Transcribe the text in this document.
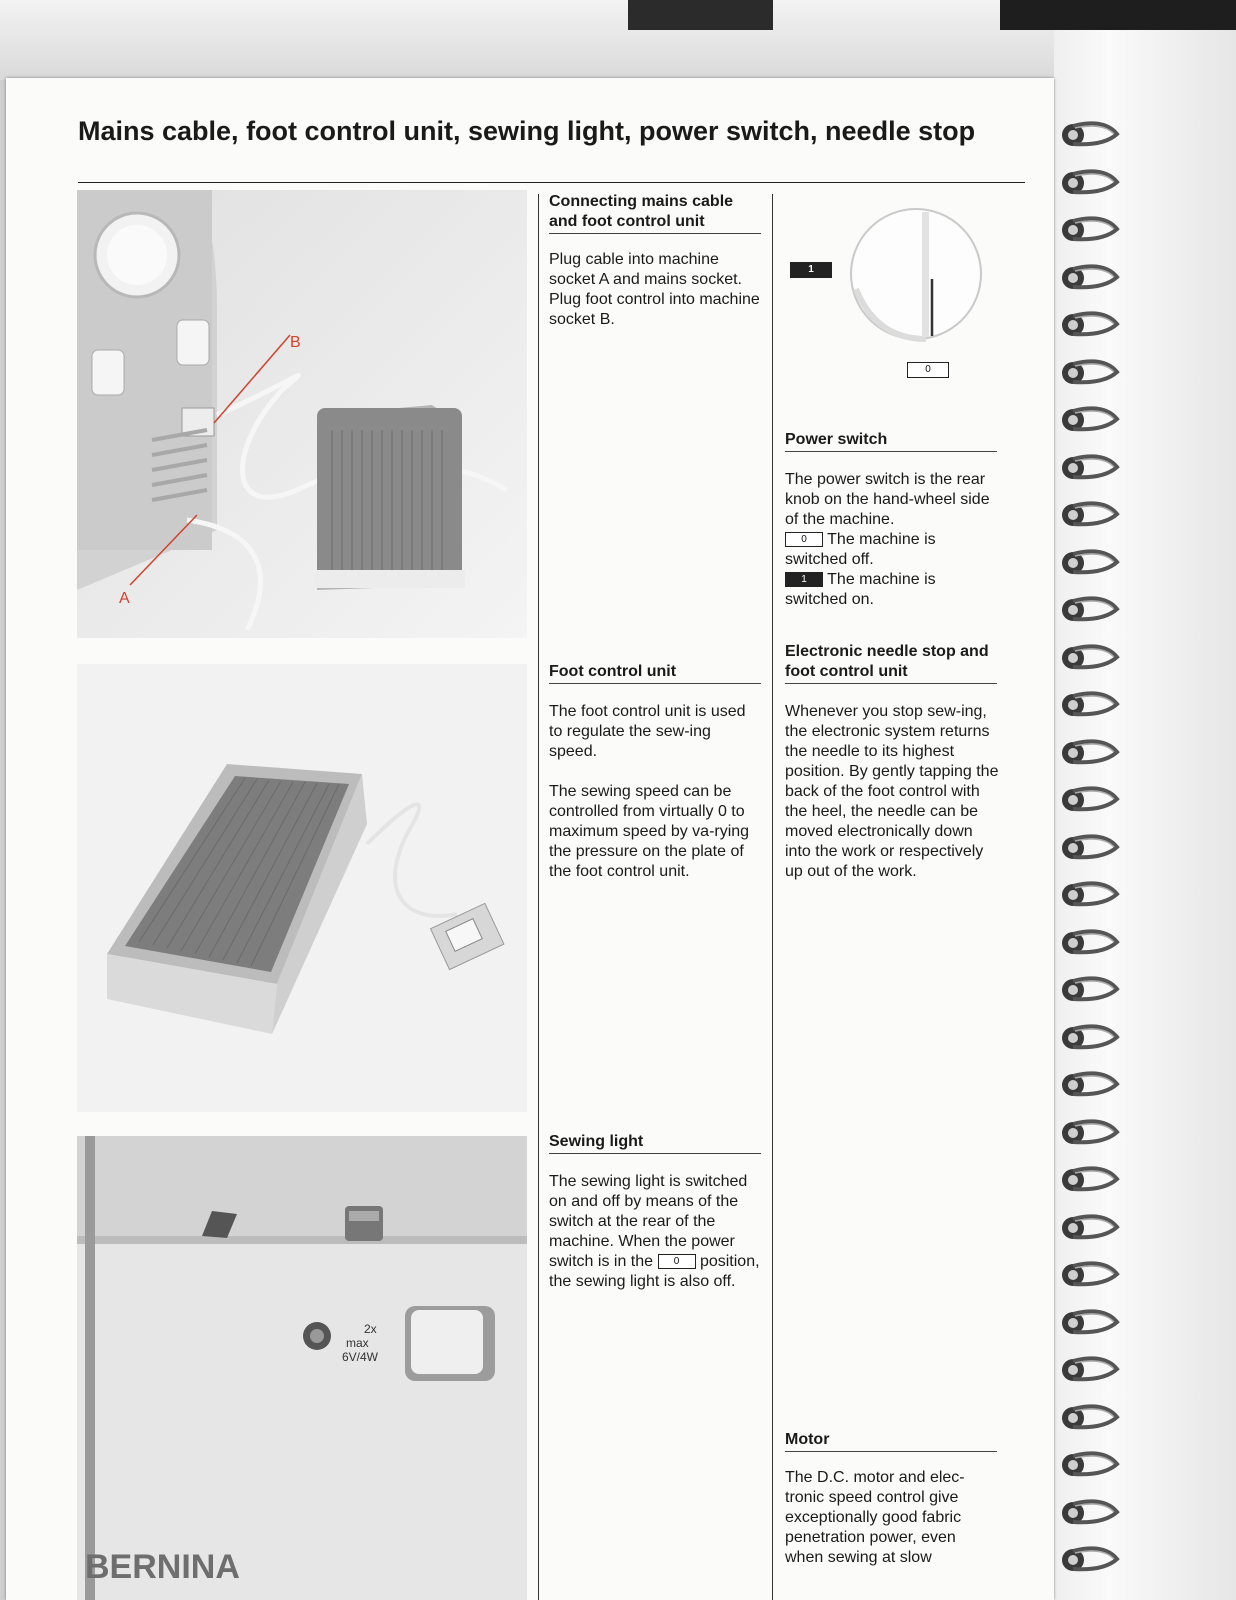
Mains cable, foot control unit, sewing light, power switch, needle stop
B
A
2x
max
6V/4W
BERNINA
Connecting mains cable and foot control unit

Plug cable into machine socket A and mains socket. Plug foot control into machine socket B.

Foot control unit

The foot control unit is used to regulate the sew-ing speed.

The sewing speed can be controlled from virtually 0 to maximum speed by va-rying the pressure on the plate of the foot control unit.

Sewing light

The sewing light is switched on and off by means of the switch at the rear of the machine. When the power switch is in the 0 position, the sewing light is also off.

1
0
Power switch
The power switch is the rear knob on the hand-wheel side of the machine.
0 The machine is switched off.
1 The machine is switched on.
Electronic needle stop and foot control unit

Whenever you stop sew-ing, the electronic system returns the needle to its highest position. By gently tapping the back of the foot control with the heel, the needle can be moved electronically down into the work or respectively up out of the work.

Motor

The D.C. motor and elec-tronic speed control give exceptionally good fabric penetration power, even when sewing at slow
